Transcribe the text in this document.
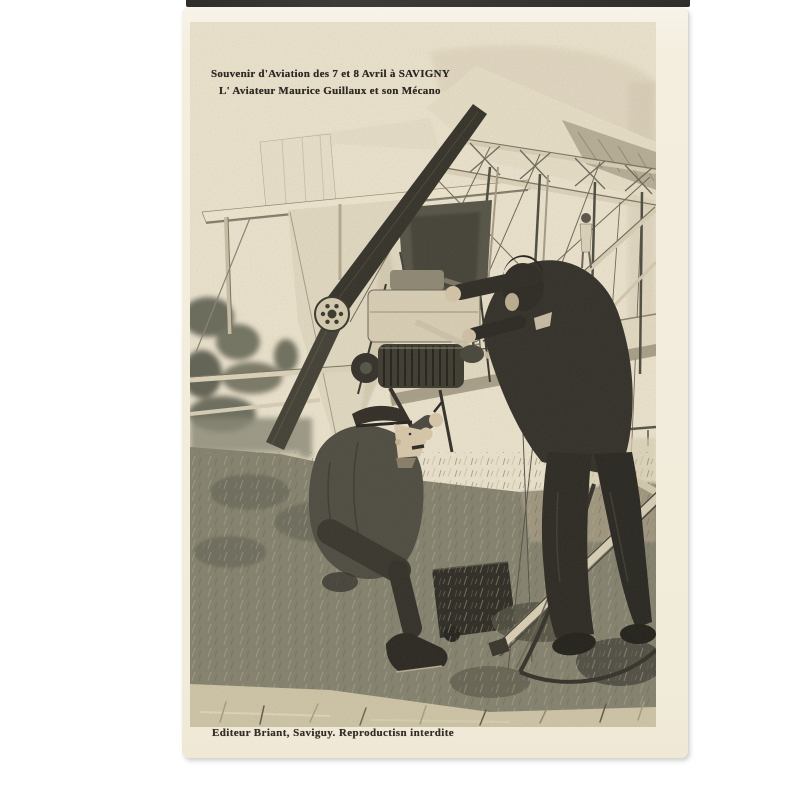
Souvenir d'Aviation des 7 et 8 Avril à SAVIGNY
L' Aviateur Maurice Guillaux et son Mécano
Editeur Briant, Saviguy. Reproductisn interdite
